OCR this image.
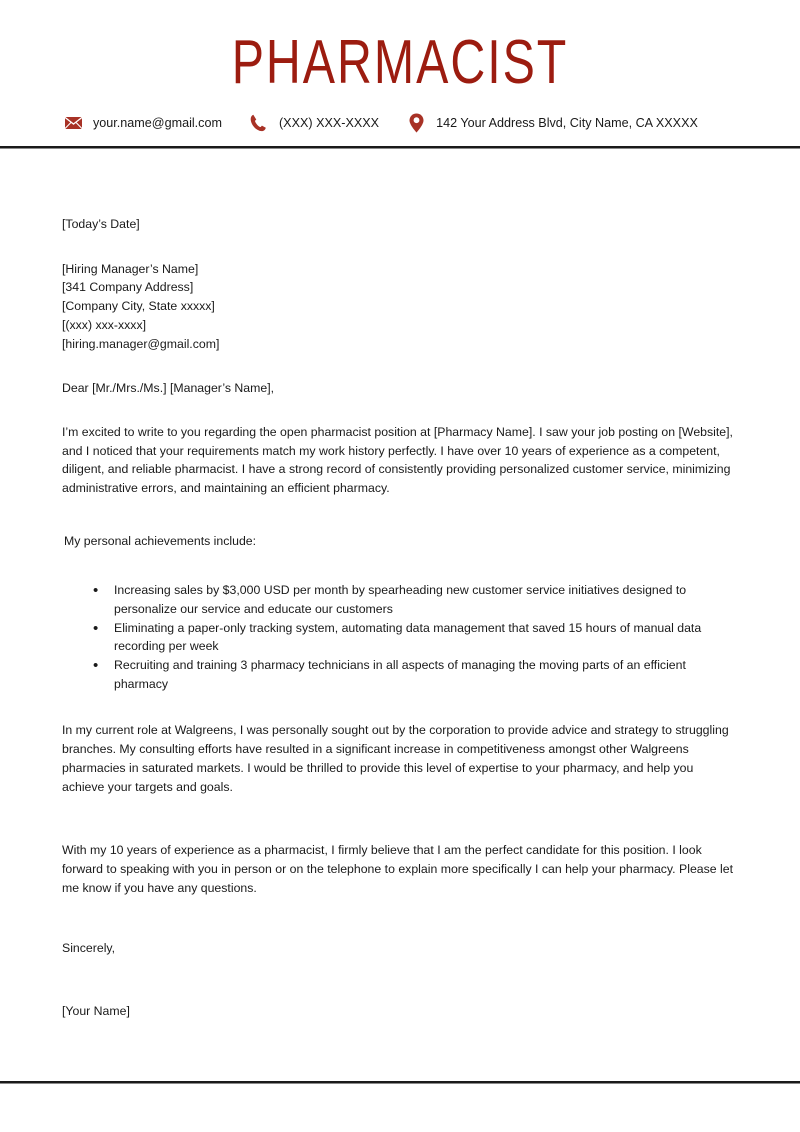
PHARMACIST
your.name@gmail.com	(XXX) XXX-XXXX	142 Your Address Blvd, City Name, CA XXXXX
[Today’s Date]
[Hiring Manager’s Name]
[341 Company Address]
[Company City, State xxxxx]
[(xxx) xxx-xxxx]
[hiring.manager@gmail.com]
Dear [Mr./Mrs./Ms.] [Manager’s Name],
I’m excited to write to you regarding the open pharmacist position at [Pharmacy Name]. I saw your job posting on [Website], and I noticed that your requirements match my work history perfectly. I have over 10 years of experience as a competent, diligent, and reliable pharmacist. I have a strong record of consistently providing personalized customer service, minimizing administrative errors, and maintaining an efficient pharmacy.
My personal achievements include:
• Increasing sales by $3,000 USD per month by spearheading new customer service initiatives designed to personalize our service and educate our customers
• Eliminating a paper-only tracking system, automating data management that saved 15 hours of manual data recording per week
• Recruiting and training 3 pharmacy technicians in all aspects of managing the moving parts of an efficient pharmacy
In my current role at Walgreens, I was personally sought out by the corporation to provide advice and strategy to struggling branches. My consulting efforts have resulted in a significant increase in competitiveness amongst other Walgreens pharmacies in saturated markets. I would be thrilled to provide this level of expertise to your pharmacy, and help you achieve your targets and goals.
With my 10 years of experience as a pharmacist, I firmly believe that I am the perfect candidate for this position. I look forward to speaking with you in person or on the telephone to explain more specifically I can help your pharmacy. Please let me know if you have any questions.
Sincerely,
[Your Name]
